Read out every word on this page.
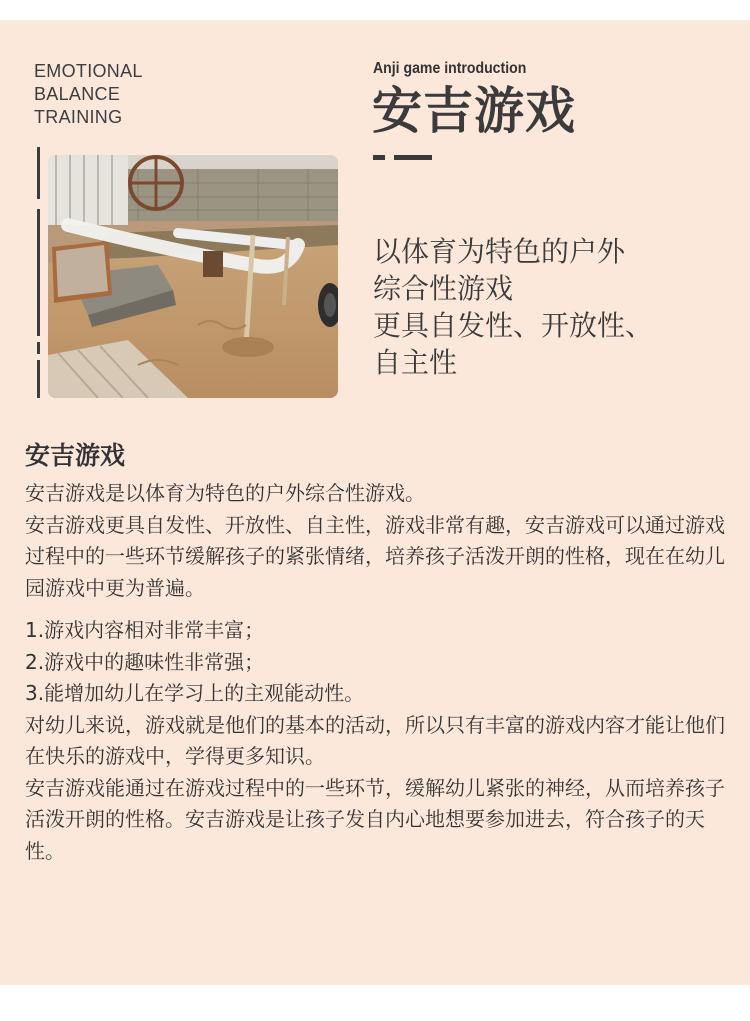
EMOTIONAL
BALANCE
TRAINING
Anji game introduction
安吉游戏
以体育为特色的户外
综合性游戏
更具自发性、开放性、
自主性
安吉游戏

安吉游戏是以体育为特色的户外综合性游戏。

安吉游戏更具自发性、开放性、自主性，游戏非常有趣，安吉游戏可以通过游戏过程中的一些环节缓解孩子的紧张情绪，培养孩子活泼开朗的性格，现在在幼儿园游戏中更为普遍。

1.游戏内容相对非常丰富；

2.游戏中的趣味性非常强；

3.能增加幼儿在学习上的主观能动性。

对幼儿来说，游戏就是他们的基本的活动，所以只有丰富的游戏内容才能让他们在快乐的游戏中，学得更多知识。

安吉游戏能通过在游戏过程中的一些环节，缓解幼儿紧张的神经，从而培养孩子活泼开朗的性格。安吉游戏是让孩子发自内心地想要参加进去，符合孩子的天性。
